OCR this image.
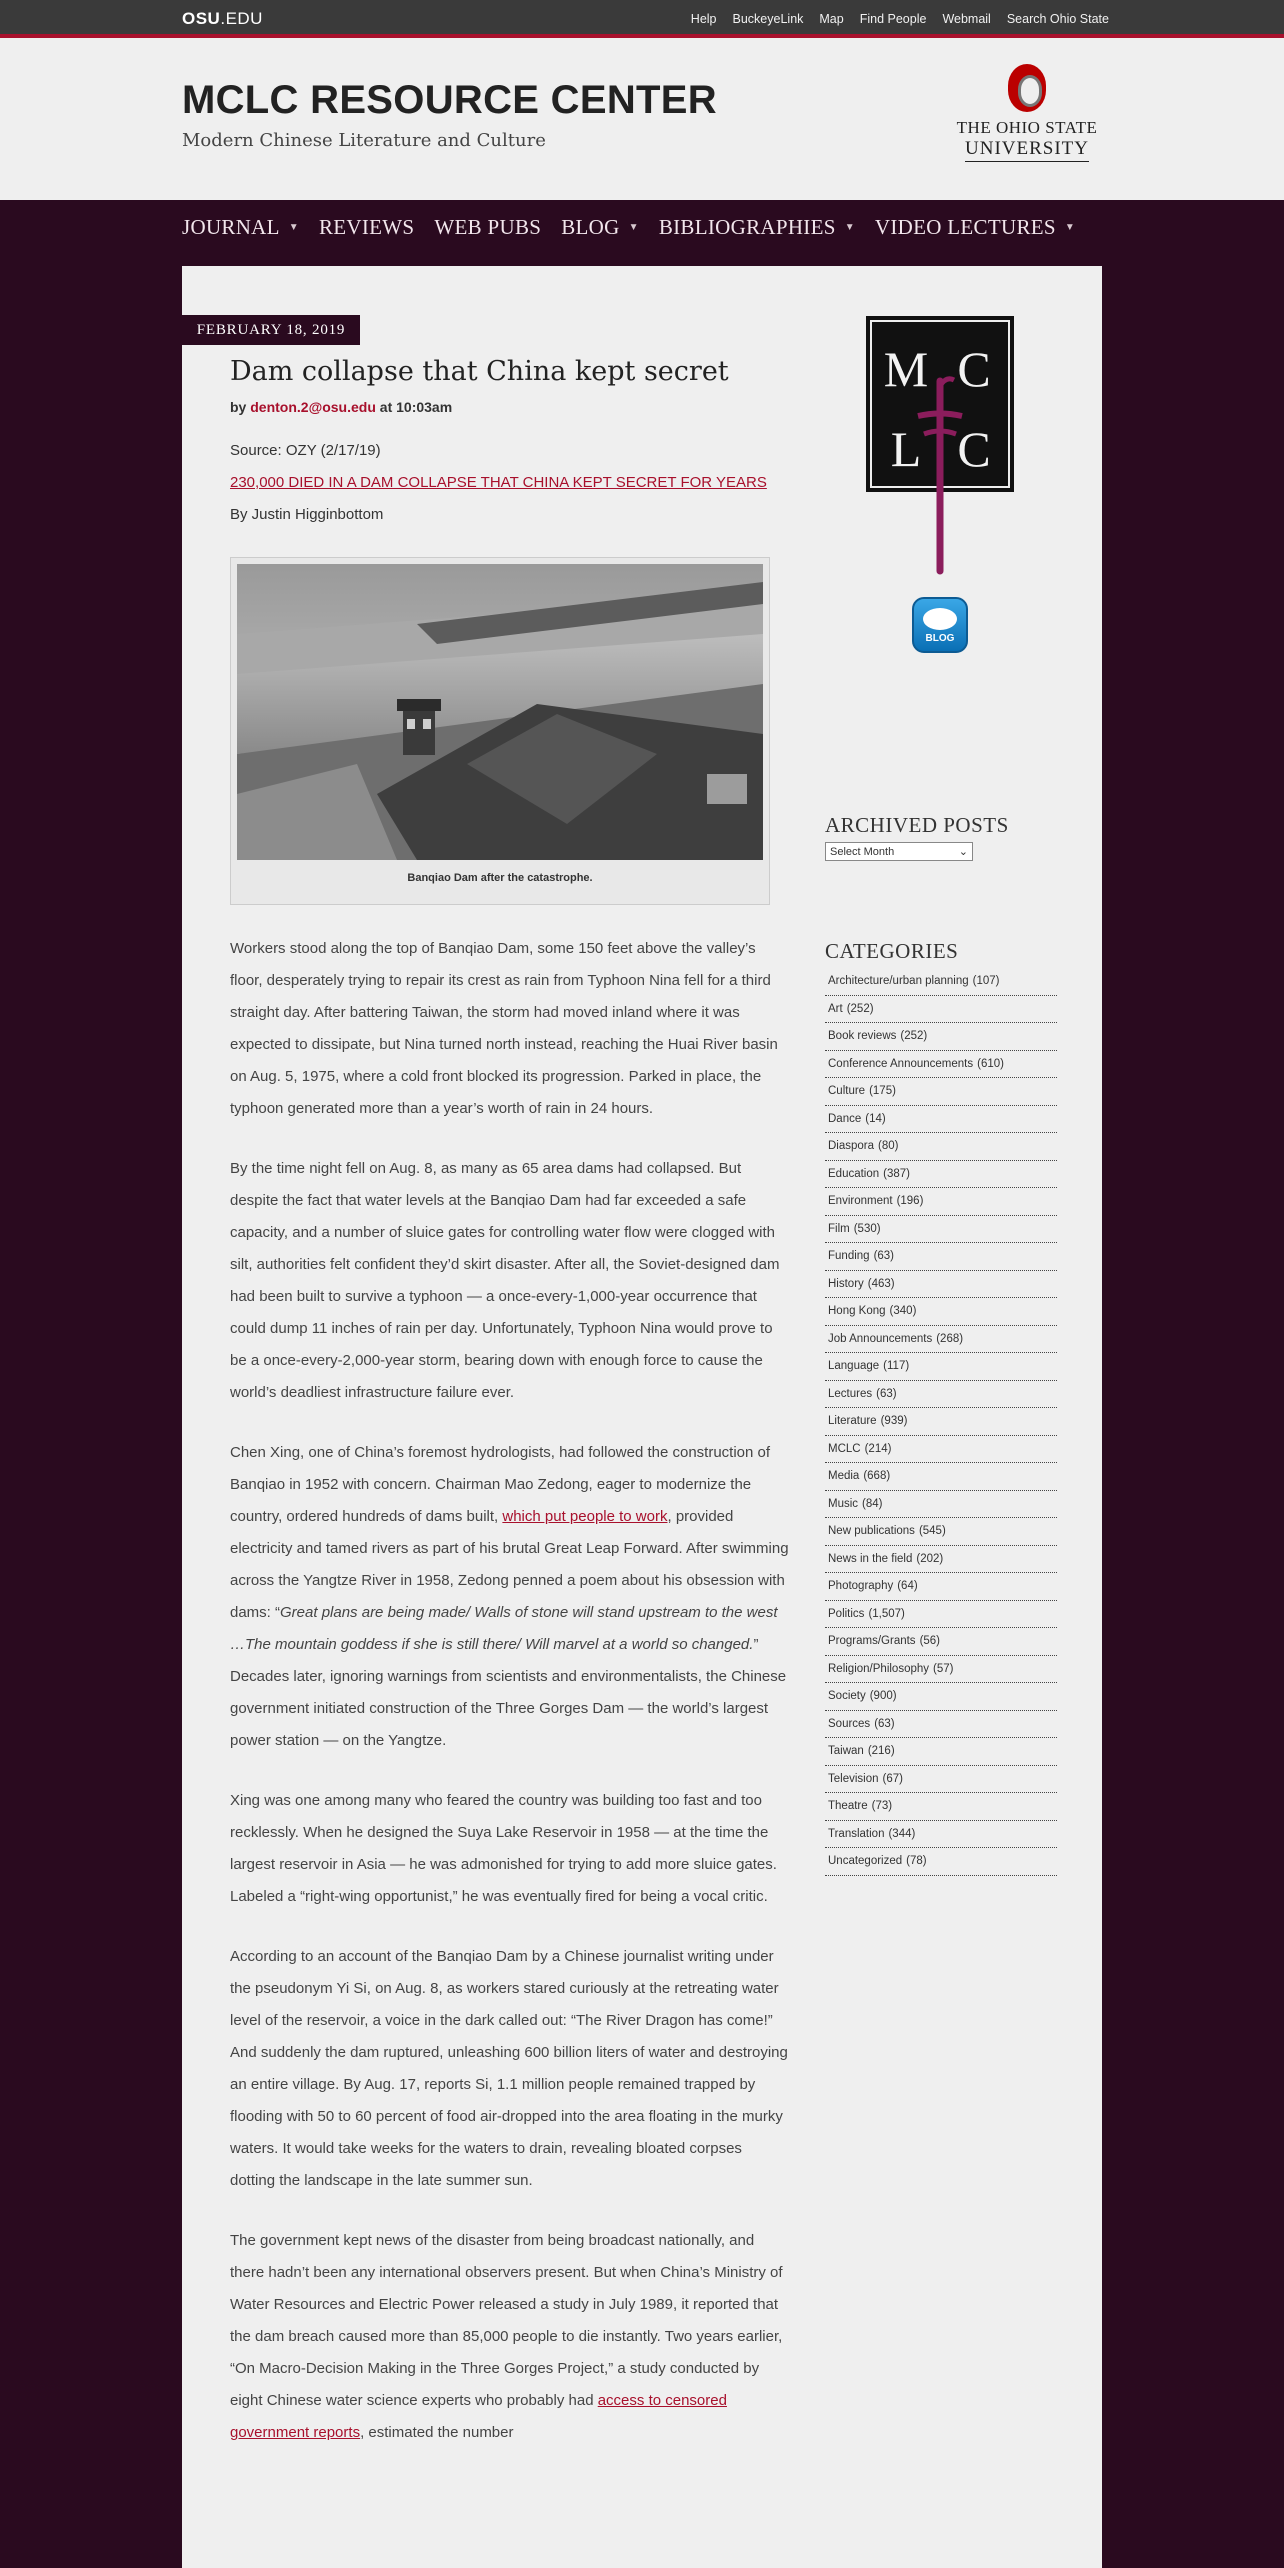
OSU.EDU	Help BuckeyeLink Map Find People Webmail Search Ohio State
MCLC RESOURCE CENTER
Modern Chinese Literature and Culture
THE OHIO STATE
UNIVERSITY
JOURNAL ▼ REVIEWS WEB PUBS BLOG ▼ BIBLIOGRAPHIES ▼ VIDEO LECTURES ▼
FEBRUARY 18, 2019
Dam collapse that China kept secret
by denton.2@osu.edu at 10:03am
Source: OZY (2/17/19)
230,000 DIED IN A DAM COLLAPSE THAT CHINA KEPT SECRET FOR YEARS
By Justin Higginbottom
Banqiao Dam after the catastrophe.

Workers stood along the top of Banqiao Dam, some 150 feet above the valley’s floor, desperately trying to repair its crest as rain from Typhoon Nina fell for a third straight day. After battering Taiwan, the storm had moved inland where it was expected to dissipate, but Nina turned north instead, reaching the Huai River basin on Aug. 5, 1975, where a cold front blocked its progression. Parked in place, the typhoon generated more than a year’s worth of rain in 24 hours.

By the time night fell on Aug. 8, as many as 65 area dams had collapsed. But despite the fact that water levels at the Banqiao Dam had far exceeded a safe capacity, and a number of sluice gates for controlling water flow were clogged with silt, authorities felt confident they’d skirt disaster. After all, the Soviet-designed dam had been built to survive a typhoon — a once-every-1,000-year occurrence that could dump 11 inches of rain per day. Unfortunately, Typhoon Nina would prove to be a once-every-2,000-year storm, bearing down with enough force to cause the world’s deadliest infrastructure failure ever.

Chen Xing, one of China’s foremost hydrologists, had followed the construction of Banqiao in 1952 with concern. Chairman Mao Zedong, eager to modernize the country, ordered hundreds of dams built, which put people to work, provided electricity and tamed rivers as part of his brutal Great Leap Forward. After swimming across the Yangtze River in 1958, Zedong penned a poem about his obsession with dams: “Great plans are being made/ Walls of stone will stand upstream to the west …The mountain goddess if she is still there/ Will marvel at a world so changed.” Decades later, ignoring warnings from scientists and environmentalists, the Chinese government initiated construction of the Three Gorges Dam — the world’s largest power station — on the Yangtze.

Xing was one among many who feared the country was building too fast and too recklessly. When he designed the Suya Lake Reservoir in 1958 — at the time the largest reservoir in Asia — he was admonished for trying to add more sluice gates. Labeled a “right-wing opportunist,” he was eventually fired for being a vocal critic.

According to an account of the Banqiao Dam by a Chinese journalist writing under the pseudonym Yi Si, on Aug. 8, as workers stared curiously at the retreating water level of the reservoir, a voice in the dark called out: “The River Dragon has come!” And suddenly the dam ruptured, unleashing 600 billion liters of water and destroying an entire village. By Aug. 17, reports Si, 1.1 million people remained trapped by flooding with 50 to 60 percent of food air-dropped into the area floating in the murky waters. It would take weeks for the waters to drain, revealing bloated corpses dotting the landscape in the late summer sun.

The government kept news of the disaster from being broadcast nationally, and there hadn’t been any international observers present. But when China’s Ministry of Water Resources and Electric Power released a study in July 1989, it reported that the dam breach caused more than 85,000 people to die instantly. Two years earlier, “On Macro-Decision Making in the Three Gorges Project,” a study conducted by eight Chinese water science experts who probably had access to censored government reports, estimated the number

M C
L C
BLOG
ARCHIVED POSTS
Select Month	⌄
CATEGORIES
Architecture/urban planning (107)
Art (252)
Book reviews (252)
Conference Announcements (610)
Culture (175)
Dance (14)
Diaspora (80)
Education (387)
Environment (196)
Film (530)
Funding (63)
History (463)
Hong Kong (340)
Job Announcements (268)
Language (117)
Lectures (63)
Literature (939)
MCLC (214)
Media (668)
Music (84)
New publications (545)
News in the field (202)
Photography (64)
Politics (1,507)
Programs/Grants (56)
Religion/Philosophy (57)
Society (900)
Sources (63)
Taiwan (216)
Television (67)
Theatre (73)
Translation (344)
Uncategorized (78)
